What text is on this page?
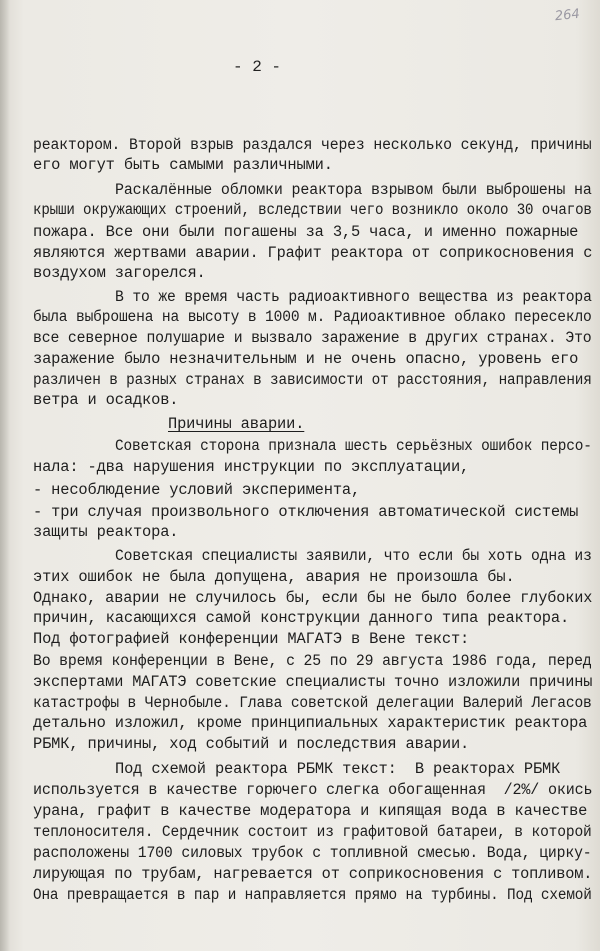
264
- 2 -

реактором. Второй взрыв раздался через несколько секунд, причины

его могут быть самыми различными.

Раскалённые обломки реактора взрывом были выброшены на

крыши окружающих строений, вследствии чего возникло около 30 очагов

пожара. Все они были погашены за 3,5 часа, и именно пожарные

являются жертвами аварии. Графит реактора от соприкосновения с

воздухом загорелся.

В то же время часть радиоактивного вещества из реактора

была выброшена на высоту в 1000 м. Радиоактивное облако пересекло

все северное полушарие и вызвало заражение в других странах. Это

заражение было незначительным и не очень опасно, уровень его

различен в разных странах в зависимости от расстояния, направления

ветра и осадков.

Причины аварии.

Советская сторона признала шесть серьёзных ошибок персо-

нала: -два нарушения инструкции по эксплуатации,

- несоблюдение условий эксперимента,

- три случая произвольного отключения автоматической системы

защиты реактора.

Советская специалисты заявили, что если бы хоть одна из

этих ошибок не была допущена, авария не произошла бы.

Однако, аварии не случилось бы, если бы не было более глубоких

причин, касающихся самой конструкции данного типа реактора.

Под фотографией конференции МАГАТЭ в Вене текст:

Во время конференции в Вене, с 25 по 29 августа 1986 года, перед

экспертами МАГАТЭ советские специалисты точно изложили причины

катастрофы в Чернобыле. Глава советской делегации Валерий Легасов

детально изложил, кроме принципиальных характеристик реактора

РБМК, причины, ход событий и последствия аварии.

Под схемой реактора РБМК текст:  В реакторах РБМК

используется в качестве горючего слегка обогащенная  /2%/ окись

урана, графит в качестве модератора и кипящая вода в качестве

теплоносителя. Сердечник состоит из графитовой батареи, в которой

расположены 1700 силовых трубок с топливной смесью. Вода, цирку-

лирующая по трубам, нагревается от соприкосновения с топливом.

Она превращается в пар и направляется прямо на турбины. Под схемой
